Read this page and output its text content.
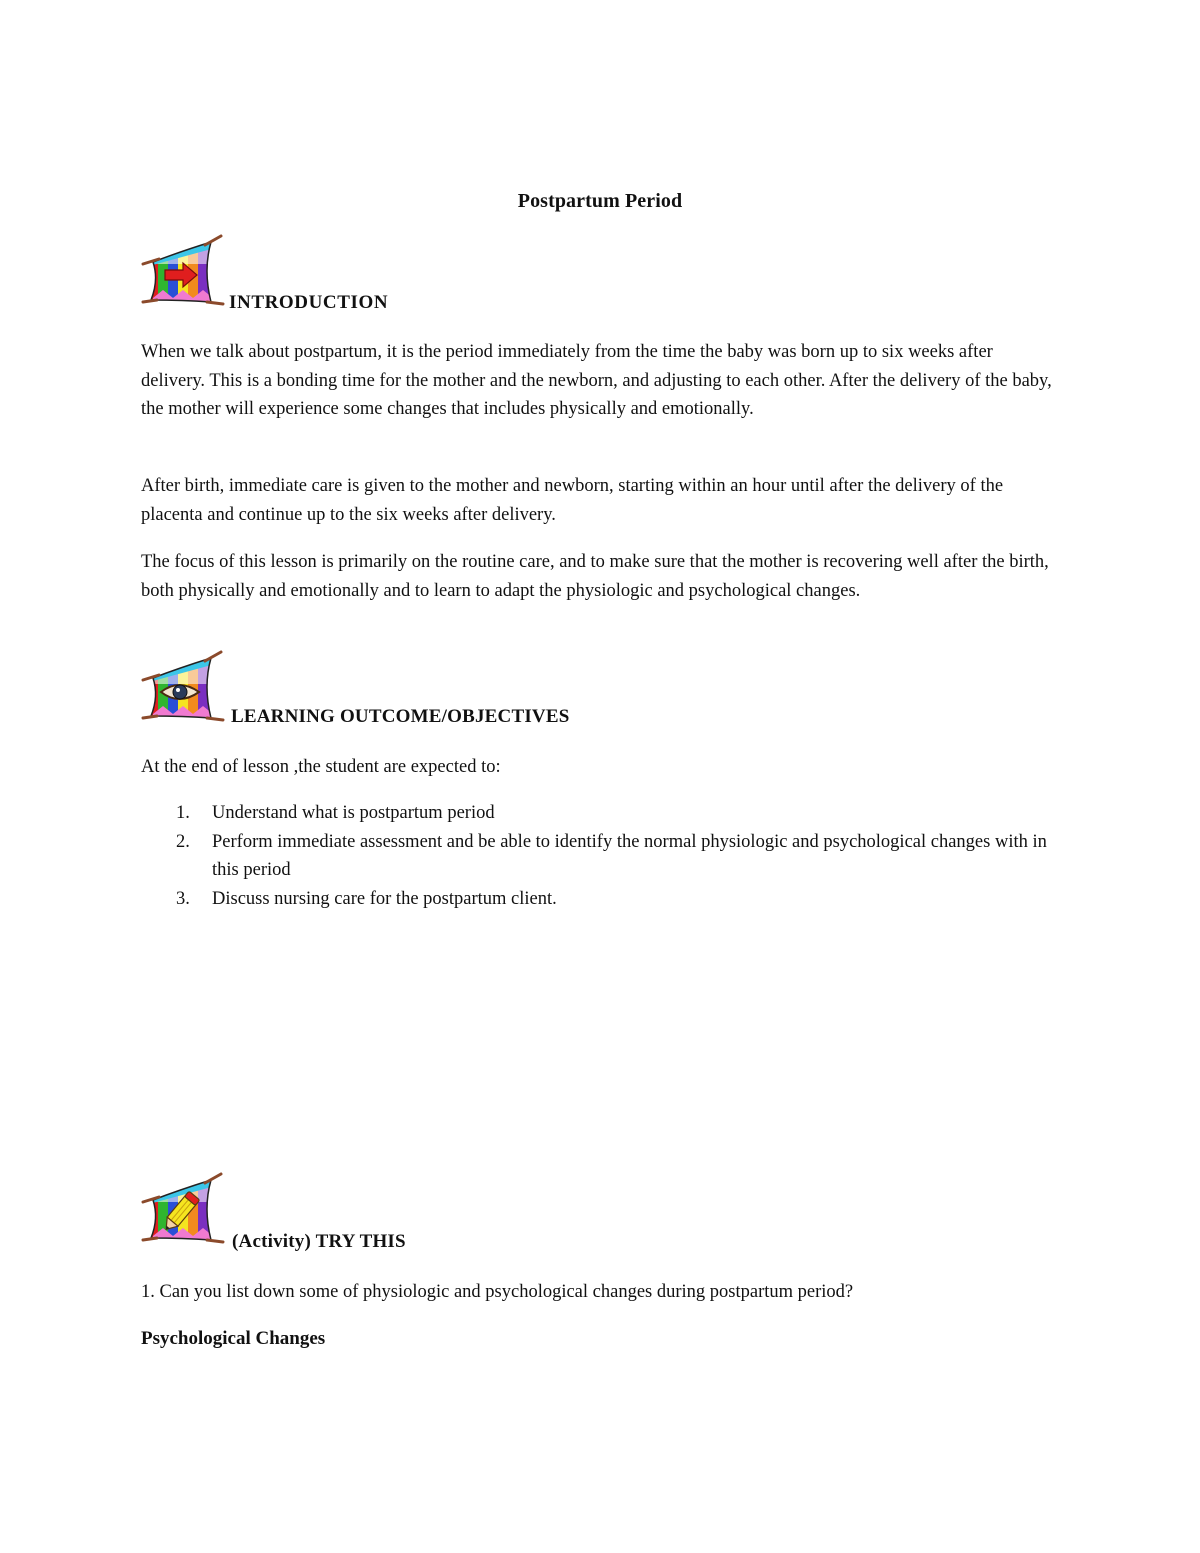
Postpartum Period
INTRODUCTION
When we talk about postpartum, it is the period immediately from the time the baby was born up to six weeks after delivery. This is a bonding time for the mother and the newborn, and adjusting to each other. After the delivery of the baby, the mother will experience some changes that includes physically and emotionally.
After birth, immediate care is given to the mother and newborn, starting within an hour until after the delivery of the placenta and continue up to the six weeks after delivery.
The focus of this lesson is primarily on the routine care, and to make sure that the mother is recovering well after the birth, both physically and emotionally and to learn to adapt the physiologic and psychological changes.
LEARNING OUTCOME/OBJECTIVES
At the end of lesson ,the student are expected to:
1. Understand what is postpartum period
2. Perform immediate assessment and be able to identify the normal physiologic and psychological changes with in this period
3. Discuss nursing care for the postpartum client.
(Activity) TRY THIS
1. Can you list down some of physiologic and psychological changes during postpartum period?
Psychological Changes
